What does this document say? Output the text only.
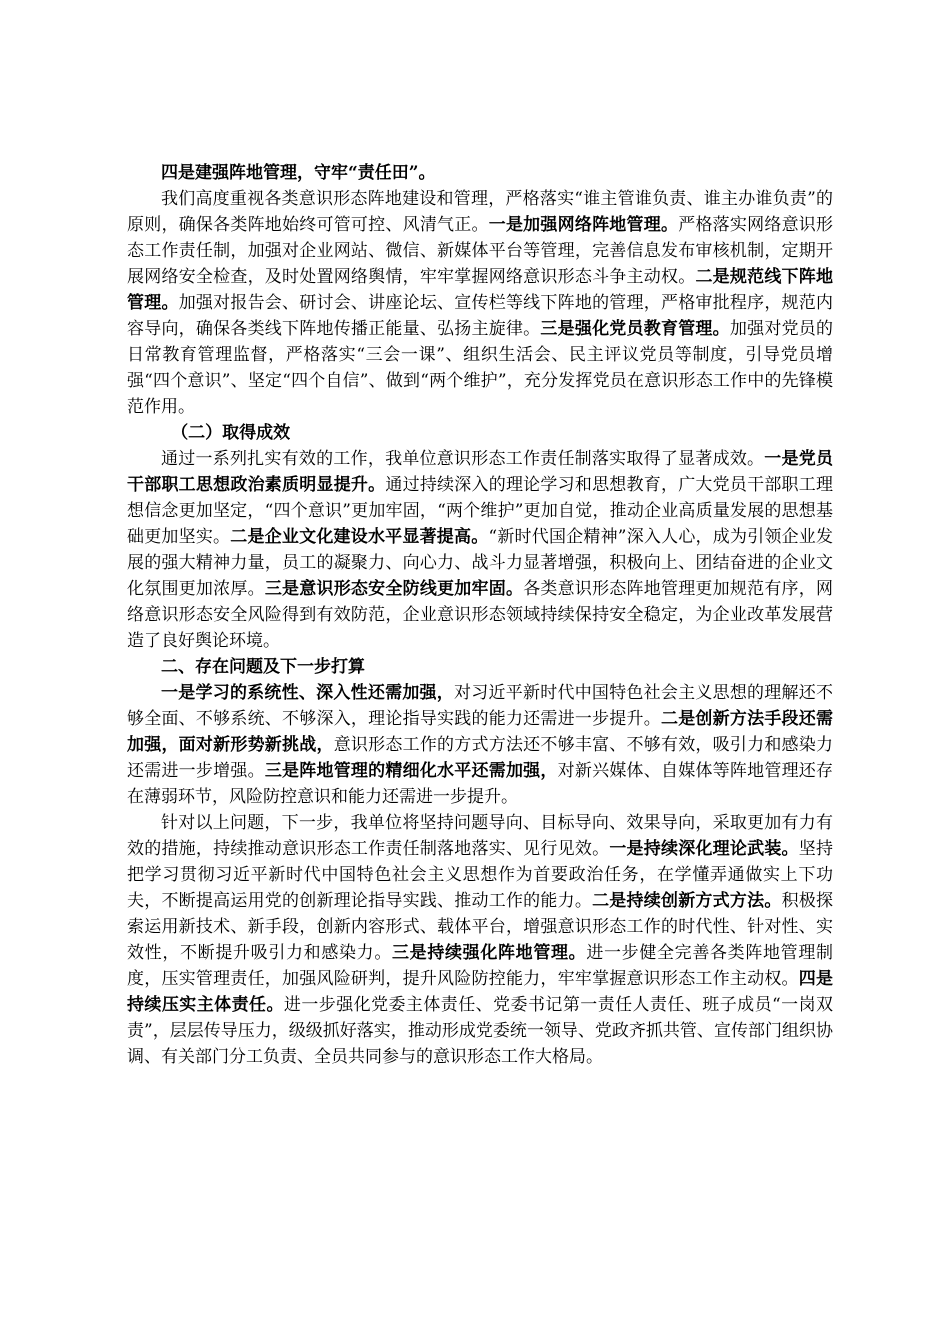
四是建强阵地管理，守牢“责任田”。

我们高度重视各类意识形态阵地建设和管理，严格落实“谁主管谁负责、谁主办谁负责”的原则，确保各类阵地始终可管可控、风清气正。一是加强网络阵地管理。严格落实网络意识形态工作责任制，加强对企业网站、微信、新媒体平台等管理，完善信息发布审核机制，定期开展网络安全检查，及时处置网络舆情，牢牢掌握网络意识形态斗争主动权。二是规范线下阵地管理。加强对报告会、研讨会、讲座论坛、宣传栏等线下阵地的管理，严格审批程序，规范内容导向，确保各类线下阵地传播正能量、弘扬主旋律。三是强化党员教育管理。加强对党员的日常教育管理监督，严格落实“三会一课”、组织生活会、民主评议党员等制度，引导党员增强“四个意识”、坚定“四个自信”、做到“两个维护”，充分发挥党员在意识形态工作中的先锋模范作用。

（二）取得成效

通过一系列扎实有效的工作，我单位意识形态工作责任制落实取得了显著成效。一是党员干部职工思想政治素质明显提升。通过持续深入的理论学习和思想教育，广大党员干部职工理想信念更加坚定，“四个意识”更加牢固，“两个维护”更加自觉，推动企业高质量发展的思想基础更加坚实。二是企业文化建设水平显著提高。“新时代国企精神”深入人心，成为引领企业发展的强大精神力量，员工的凝聚力、向心力、战斗力显著增强，积极向上、团结奋进的企业文化氛围更加浓厚。三是意识形态安全防线更加牢固。各类意识形态阵地管理更加规范有序，网络意识形态安全风险得到有效防范，企业意识形态领域持续保持安全稳定，为企业改革发展营造了良好舆论环境。

二、存在问题及下一步打算

一是学习的系统性、深入性还需加强，对习近平新时代中国特色社会主义思想的理解还不够全面、不够系统、不够深入，理论指导实践的能力还需进一步提升。二是创新方法手段还需加强，面对新形势新挑战，意识形态工作的方式方法还不够丰富、不够有效，吸引力和感染力还需进一步增强。三是阵地管理的精细化水平还需加强，对新兴媒体、自媒体等阵地管理还存在薄弱环节，风险防控意识和能力还需进一步提升。

针对以上问题，下一步，我单位将坚持问题导向、目标导向、效果导向，采取更加有力有效的措施，持续推动意识形态工作责任制落地落实、见行见效。一是持续深化理论武装。坚持把学习贯彻习近平新时代中国特色社会主义思想作为首要政治任务，在学懂弄通做实上下功夫，不断提高运用党的创新理论指导实践、推动工作的能力。二是持续创新方式方法。积极探索运用新技术、新手段，创新内容形式、载体平台，增强意识形态工作的时代性、针对性、实效性，不断提升吸引力和感染力。三是持续强化阵地管理。进一步健全完善各类阵地管理制度，压实管理责任，加强风险研判，提升风险防控能力，牢牢掌握意识形态工作主动权。四是持续压实主体责任。进一步强化党委主体责任、党委书记第一责任人责任、班子成员“一岗双责”，层层传导压力，级级抓好落实，推动形成党委统一领导、党政齐抓共管、宣传部门组织协调、有关部门分工负责、全员共同参与的意识形态工作大格局。
